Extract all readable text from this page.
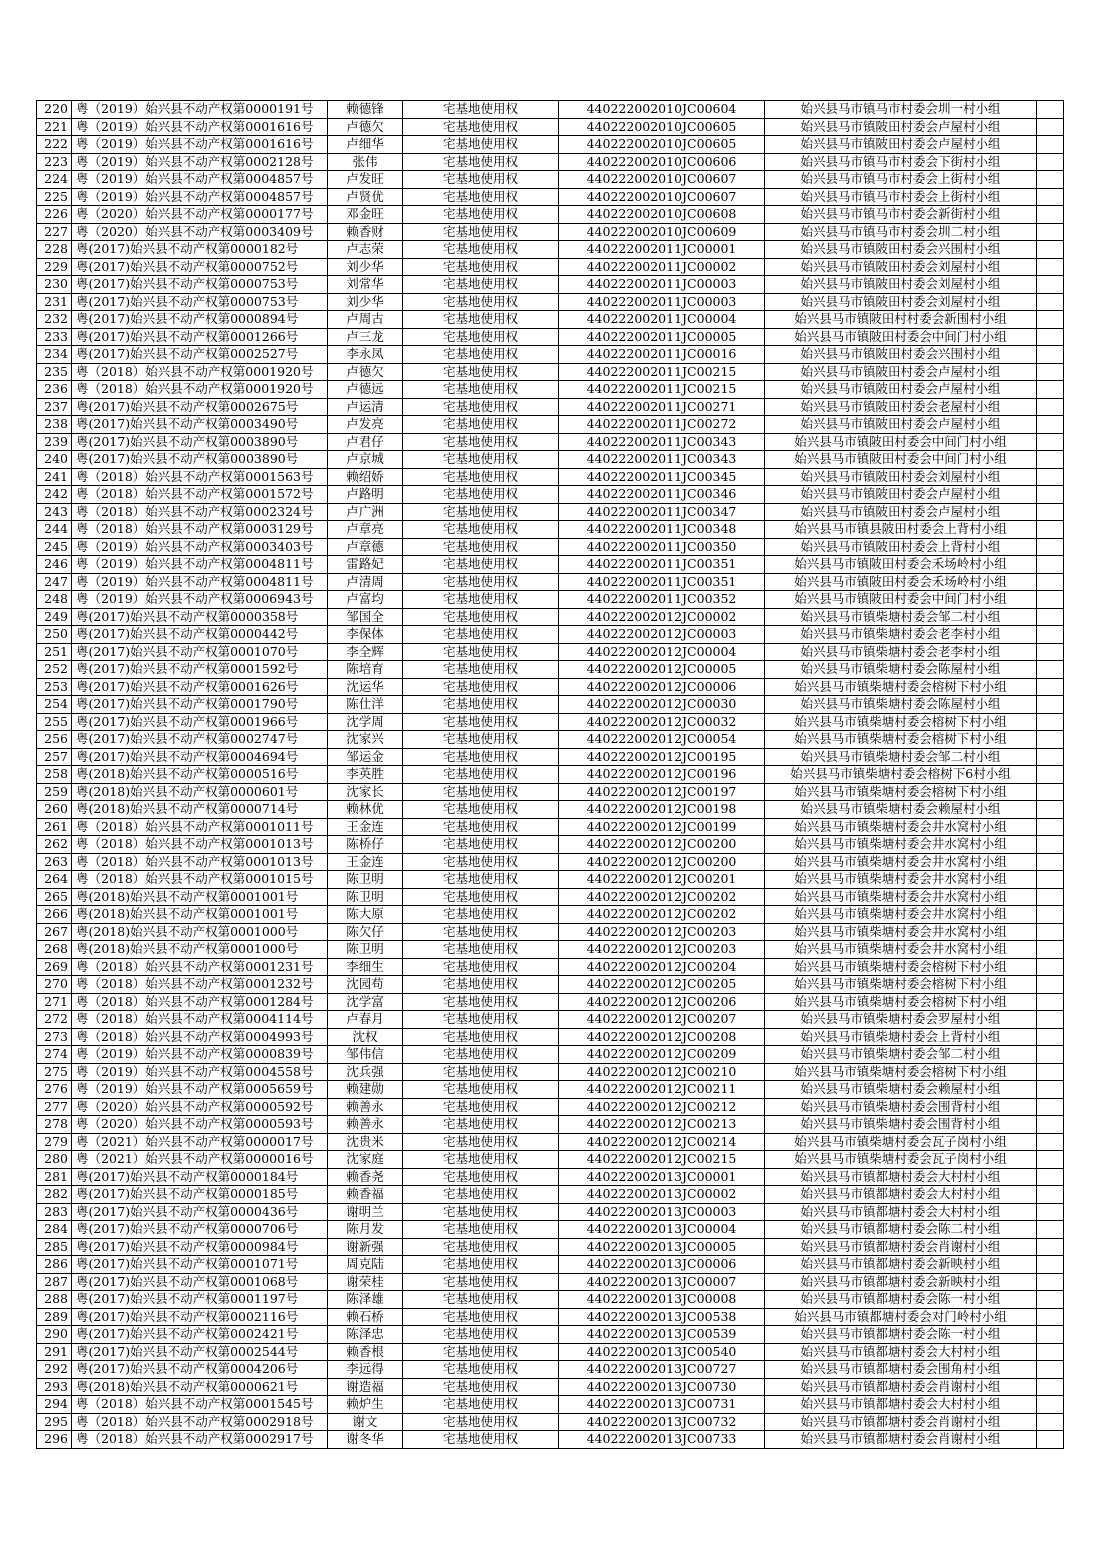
220	粤（2019）始兴县不动产权第0000191号	赖德锋	宅基地使用权	440222002010JC00604	始兴县马市镇马市村委会圳一村小组	
221	粤（2019）始兴县不动产权第0001616号	卢德欠	宅基地使用权	440222002010JC00605	始兴县马市镇陂田村委会卢屋村小组	
222	粤（2019）始兴县不动产权第0001616号	卢细华	宅基地使用权	440222002010JC00605	始兴县马市镇陂田村委会卢屋村小组	
223	粤（2019）始兴县不动产权第0002128号	张伟	宅基地使用权	440222002010JC00606	始兴县马市镇马市村委会下街村小组	
224	粤（2019）始兴县不动产权第0004857号	卢发旺	宅基地使用权	440222002010JC00607	始兴县马市镇马市村委会上街村小组	
225	粤（2019）始兴县不动产权第0004857号	卢贤优	宅基地使用权	440222002010JC00607	始兴县马市镇马市村委会上街村小组	
226	粤（2020）始兴县不动产权第0000177号	邓金旺	宅基地使用权	440222002010JC00608	始兴县马市镇马市村委会新街村小组	
227	粤（2020）始兴县不动产权第0003409号	赖香财	宅基地使用权	440222002010JC00609	始兴县马市镇马市村委会圳二村小组	
228	粤(2017)始兴县不动产权第0000182号	卢志荣	宅基地使用权	440222002011JC00001	始兴县马市镇陂田村委会兴围村小组	
229	粤(2017)始兴县不动产权第0000752号	刘少华	宅基地使用权	440222002011JC00002	始兴县马市镇陂田村委会刘屋村小组	
230	粤(2017)始兴县不动产权第0000753号	刘常华	宅基地使用权	440222002011JC00003	始兴县马市镇陂田村委会刘屋村小组	
231	粤(2017)始兴县不动产权第0000753号	刘少华	宅基地使用权	440222002011JC00003	始兴县马市镇陂田村委会刘屋村小组	
232	粤(2017)始兴县不动产权第0000894号	卢周古	宅基地使用权	440222002011JC00004	始兴县马市镇陂田村村委会新围村小组	
233	粤(2017)始兴县不动产权第0001266号	卢三龙	宅基地使用权	440222002011JC00005	始兴县马市镇陂田村委会中间门村小组	
234	粤(2017)始兴县不动产权第0002527号	李永凤	宅基地使用权	440222002011JC00016	始兴县马市镇陂田村委会兴围村小组	
235	粤（2018）始兴县不动产权第0001920号	卢德欠	宅基地使用权	440222002011JC00215	始兴县马市镇陂田村委会卢屋村小组	
236	粤（2018）始兴县不动产权第0001920号	卢德远	宅基地使用权	440222002011JC00215	始兴县马市镇陂田村委会卢屋村小组	
237	粤(2017)始兴县不动产权第0002675号	卢运清	宅基地使用权	440222002011JC00271	始兴县马市镇陂田村委会老屋村小组	
238	粤(2017)始兴县不动产权第0003490号	卢发亮	宅基地使用权	440222002011JC00272	始兴县马市镇陂田村委会卢屋村小组	
239	粤(2017)始兴县不动产权第0003890号	卢君仔	宅基地使用权	440222002011JC00343	始兴县马市镇陂田村委会中间门村小组	
240	粤(2017)始兴县不动产权第0003890号	卢京城	宅基地使用权	440222002011JC00343	始兴县马市镇陂田村委会中间门村小组	
241	粤（2018）始兴县不动产权第0001563号	赖绍娇	宅基地使用权	440222002011JC00345	始兴县马市镇陂田村委会刘屋村小组	
242	粤（2018）始兴县不动产权第0001572号	卢路明	宅基地使用权	440222002011JC00346	始兴县马市镇陂田村委会卢屋村小组	
243	粤（2018）始兴县不动产权第0002324号	卢广洲	宅基地使用权	440222002011JC00347	始兴县马市镇陂田村委会卢屋村小组	
244	粤（2018）始兴县不动产权第0003129号	卢章亮	宅基地使用权	440222002011JC00348	始兴县马市镇县陂田村委会上背村小组	
245	粤（2019）始兴县不动产权第0003403号	卢章德	宅基地使用权	440222002011JC00350	始兴县马市镇陂田村委会上背村小组	
246	粤（2019）始兴县不动产权第0004811号	雷路妃	宅基地使用权	440222002011JC00351	始兴县马市镇陂田村委会禾场岭村小组	
247	粤（2019）始兴县不动产权第0004811号	卢清周	宅基地使用权	440222002011JC00351	始兴县马市镇陂田村委会禾场岭村小组	
248	粤（2019）始兴县不动产权第0006943号	卢富均	宅基地使用权	440222002011JC00352	始兴县马市镇陂田村委会中间门村小组	
249	粤(2017)始兴县不动产权第0000358号	邹国全	宅基地使用权	440222002012JC00002	始兴县马市镇柴塘村委会邹二村小组	
250	粤(2017)始兴县不动产权第0000442号	李保体	宅基地使用权	440222002012JC00003	始兴县马市镇柴塘村委会老李村小组	
251	粤(2017)始兴县不动产权第0001070号	李全辉	宅基地使用权	440222002012JC00004	始兴县马市镇柴塘村委会老李村小组	
252	粤(2017)始兴县不动产权第0001592号	陈培育	宅基地使用权	440222002012JC00005	始兴县马市镇柴塘村委会陈屋村小组	
253	粤(2017)始兴县不动产权第0001626号	沈运华	宅基地使用权	440222002012JC00006	始兴县马市镇柴塘村委会榕树下村小组	
254	粤(2017)始兴县不动产权第0001790号	陈仕洋	宅基地使用权	440222002012JC00030	始兴县马市镇柴塘村委会陈屋村小组	
255	粤(2017)始兴县不动产权第0001966号	沈学周	宅基地使用权	440222002012JC00032	始兴县马市镇柴塘村委会榕树下村小组	
256	粤(2017)始兴县不动产权第0002747号	沈家兴	宅基地使用权	440222002012JC00054	始兴县马市镇柴塘村委会榕树下村小组	
257	粤(2017)始兴县不动产权第0004694号	邹运金	宅基地使用权	440222002012JC00195	始兴县马市镇柴塘村委会邹二村小组	
258	粤(2018)始兴县不动产权第0000516号	李英胜	宅基地使用权	440222002012JC00196	始兴县马市镇柴塘村委会榕树下6村小组	
259	粤(2018)始兴县不动产权第0000601号	沈家长	宅基地使用权	440222002012JC00197	始兴县马市镇柴塘村委会榕树下村小组	
260	粤(2018)始兴县不动产权第0000714号	赖林优	宅基地使用权	440222002012JC00198	始兴县马市镇柴塘村委会赖屋村小组	
261	粤（2018）始兴县不动产权第0001011号	王金连	宅基地使用权	440222002012JC00199	始兴县马市镇柴塘村委会井水窝村小组	
262	粤（2018）始兴县不动产权第0001013号	陈桥仔	宅基地使用权	440222002012JC00200	始兴县马市镇柴塘村委会井水窝村小组	
263	粤（2018）始兴县不动产权第0001013号	王金连	宅基地使用权	440222002012JC00200	始兴县马市镇柴塘村委会井水窝村小组	
264	粤（2018）始兴县不动产权第0001015号	陈卫明	宅基地使用权	440222002012JC00201	始兴县马市镇柴塘村委会井水窝村小组	
265	粤(2018)始兴县不动产权第0001001号	陈卫明	宅基地使用权	440222002012JC00202	始兴县马市镇柴塘村委会井水窝村小组	
266	粤(2018)始兴县不动产权第0001001号	陈大原	宅基地使用权	440222002012JC00202	始兴县马市镇柴塘村委会井水窝村小组	
267	粤(2018)始兴县不动产权第0001000号	陈欠仔	宅基地使用权	440222002012JC00203	始兴县马市镇柴塘村委会井水窝村小组	
268	粤(2018)始兴县不动产权第0001000号	陈卫明	宅基地使用权	440222002012JC00203	始兴县马市镇柴塘村委会井水窝村小组	
269	粤（2018）始兴县不动产权第0001231号	李细生	宅基地使用权	440222002012JC00204	始兴县马市镇柴塘村委会榕树下村小组	
270	粤（2018）始兴县不动产权第0001232号	沈园苟	宅基地使用权	440222002012JC00205	始兴县马市镇柴塘村委会榕树下村小组	
271	粤（2018）始兴县不动产权第0001284号	沈学富	宅基地使用权	440222002012JC00206	始兴县马市镇柴塘村委会榕树下村小组	
272	粤（2018）始兴县不动产权第0004114号	卢春月	宅基地使用权	440222002012JC00207	始兴县马市镇柴塘村委会罗屋村小组	
273	粤（2018）始兴县不动产权第0004993号	沈权	宅基地使用权	440222002012JC00208	始兴县马市镇柴塘村委会上背村小组	
274	粤（2019）始兴县不动产权第0000839号	邹伟信	宅基地使用权	440222002012JC00209	始兴县马市镇柴塘村委会邹二村小组	
275	粤（2019）始兴县不动产权第0004558号	沈兵强	宅基地使用权	440222002012JC00210	始兴县马市镇柴塘村委会榕树下村小组	
276	粤（2019）始兴县不动产权第0005659号	赖建勋	宅基地使用权	440222002012JC00211	始兴县马市镇柴塘村委会赖屋村小组	
277	粤（2020）始兴县不动产权第0000592号	赖善永	宅基地使用权	440222002012JC00212	始兴县马市镇柴塘村委会围背村小组	
278	粤（2020）始兴县不动产权第0000593号	赖善永	宅基地使用权	440222002012JC00213	始兴县马市镇柴塘村委会围背村小组	
279	粤（2021）始兴县不动产权第0000017号	沈贵米	宅基地使用权	440222002012JC00214	始兴县马市镇柴塘村委会瓦子岗村小组	
280	粤（2021）始兴县不动产权第0000016号	沈家庭	宅基地使用权	440222002012JC00215	始兴县马市镇柴塘村委会瓦子岗村小组	
281	粤(2017)始兴县不动产权第0000184号	赖香尧	宅基地使用权	440222002013JC00001	始兴县马市镇都塘村委会大村村小组	
282	粤(2017)始兴县不动产权第0000185号	赖香福	宅基地使用权	440222002013JC00002	始兴县马市镇都塘村委会大村村小组	
283	粤(2017)始兴县不动产权第0000436号	谢明兰	宅基地使用权	440222002013JC00003	始兴县马市镇都塘村委会大村村小组	
284	粤(2017)始兴县不动产权第0000706号	陈月发	宅基地使用权	440222002013JC00004	始兴县马市镇都塘村委会陈二村小组	
285	粤(2017)始兴县不动产权第0000984号	谢新强	宅基地使用权	440222002013JC00005	始兴县马市镇都塘村委会肖谢村小组	
286	粤(2017)始兴县不动产权第0001071号	周克陆	宅基地使用权	440222002013JC00006	始兴县马市镇都塘村委会新映村小组	
287	粤(2017)始兴县不动产权第0001068号	谢荣桂	宅基地使用权	440222002013JC00007	始兴县马市镇都塘村委会新映村小组	
288	粤(2017)始兴县不动产权第0001197号	陈泽雄	宅基地使用权	440222002013JC00008	始兴县马市镇都塘村委会陈一村小组	
289	粤(2017)始兴县不动产权第0002116号	赖石桥	宅基地使用权	440222002013JC00538	始兴县马市镇都塘村委会对门岭村小组	
290	粤(2017)始兴县不动产权第0002421号	陈泽忠	宅基地使用权	440222002013JC00539	始兴县马市镇都塘村委会陈一村小组	
291	粤(2017)始兴县不动产权第0002544号	赖香根	宅基地使用权	440222002013JC00540	始兴县马市镇都塘村委会大村村小组	
292	粤(2017)始兴县不动产权第0004206号	李远得	宅基地使用权	440222002013JC00727	始兴县马市镇都塘村委会围角村小组	
293	粤(2018)始兴县不动产权第0000621号	谢造福	宅基地使用权	440222002013JC00730	始兴县马市镇都塘村委会肖谢村小组	
294	粤（2018）始兴县不动产权第0001545号	赖炉生	宅基地使用权	440222002013JC00731	始兴县马市镇都塘村委会大村村小组	
295	粤（2018）始兴县不动产权第0002918号	谢文	宅基地使用权	440222002013JC00732	始兴县马市镇都塘村委会肖谢村小组	
296	粤（2018）始兴县不动产权第0002917号	谢冬华	宅基地使用权	440222002013JC00733	始兴县马市镇都塘村委会肖谢村小组	
